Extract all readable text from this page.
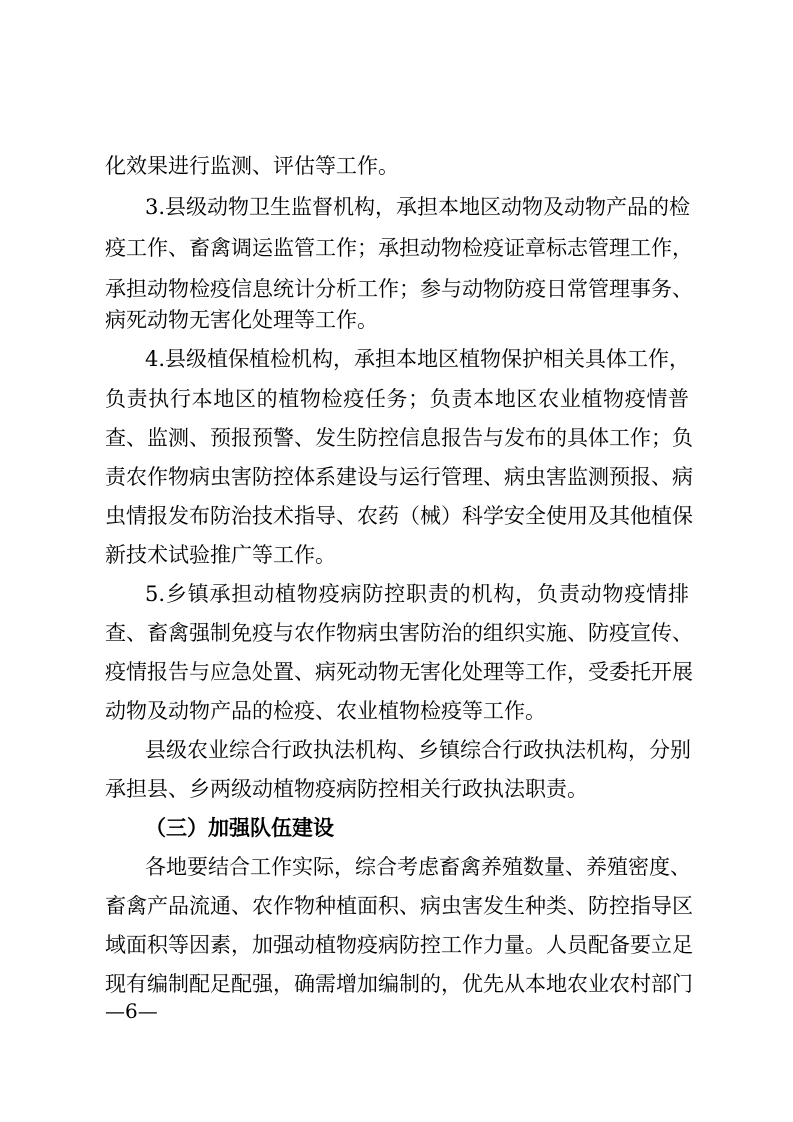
化效果进行监测、评估等工作。
3.县级动物卫生监督机构，承担本地区动物及动物产品的检
疫工作、畜禽调运监管工作；承担动物检疫证章标志管理工作，
承担动物检疫信息统计分析工作；参与动物防疫日常管理事务、
病死动物无害化处理等工作。
4.县级植保植检机构，承担本地区植物保护相关具体工作，
负责执行本地区的植物检疫任务；负责本地区农业植物疫情普
查、监测、预报预警、发生防控信息报告与发布的具体工作；负
责农作物病虫害防控体系建设与运行管理、病虫害监测预报、病
虫情报发布防治技术指导、农药（械）科学安全使用及其他植保
新技术试验推广等工作。
5.乡镇承担动植物疫病防控职责的机构，负责动物疫情排
查、畜禽强制免疫与农作物病虫害防治的组织实施、防疫宣传、
疫情报告与应急处置、病死动物无害化处理等工作，受委托开展
动物及动物产品的检疫、农业植物检疫等工作。
县级农业综合行政执法机构、乡镇综合行政执法机构，分别
承担县、乡两级动植物疫病防控相关行政执法职责。
（三）加强队伍建设
各地要结合工作实际，综合考虑畜禽养殖数量、养殖密度、
畜禽产品流通、农作物种植面积、病虫害发生种类、防控指导区
域面积等因素，加强动植物疫病防控工作力量。人员配备要立足
现有编制配足配强，确需增加编制的，优先从本地农业农村部门
—6—
